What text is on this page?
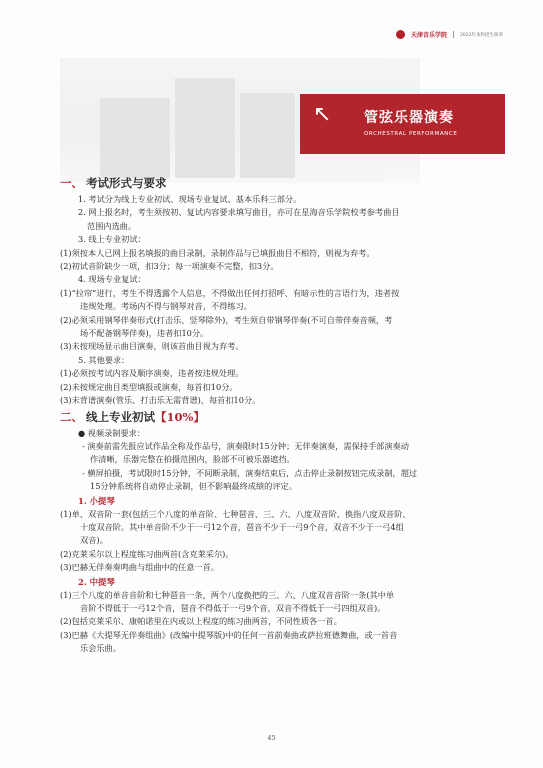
天津音乐学院	2023年本科招生简章
↖ 管弦乐器演奏
ORCHESTRAL PERFORMANCE

一、 考试形式与要求

1. 考试分为线上专业初试、现场专业复试、基本乐科三部分。

2. 网上报名时，考生须按初、复试内容要求填写曲目，亦可在星海音乐学院校考参考曲目

范围内选曲。

3. 线上专业初试：

(1)须按本人已网上报名填报的曲目录制，录制作品与已填报曲目不相符，则视为弃考。

(2)初试音阶缺少一项，扣3分；每一项演奏不完整，扣3分。

4. 现场专业复试：

(1)“拉帘”进行，考生不得透露个人信息，不得做出任何打招呼、有暗示性的言语行为，违者按

违规处理。考场内不得与钢琴对音，不得练习。

(2)必须采用钢琴伴奏形式(打击乐、竖琴除外)，考生须自带钢琴伴奏(不可自带伴奏音频，考

场不配备钢琴伴奏)，违者扣10分。

(3)未按现场显示曲目演奏，则该首曲目视为弃考。

5. 其他要求：

(1)必须按考试内容及顺序演奏，违者按违规处理。

(2)未按规定曲目类型填报或演奏，每首扣10分。

(3)未背谱演奏(管乐、打击乐无需背谱)，每首扣10分。

二、 线上专业初试【10%】

● 视频录制要求：

- 演奏前需先报应试作品全称及作品号，演奏限时15分钟；无伴奏演奏，需保持手部演奏动

作清晰，乐器完整在拍摄范围内，脸部不可被乐器遮挡。

- 横屏拍摄，考试限时15分钟，不间断录制，演奏结束后，点击停止录制按钮完成录制，超过

15分钟系统将自动停止录制，但不影响最终成绩的评定。

1. 小提琴

(1)单、双音阶一套(包括三个八度的单音阶、七种琶音、三、六、八度双音阶、换指八度双音阶、

十度双音阶。其中单音阶不少于一弓12个音，琶音不少于一弓9个音，双音不少于一弓4组

双音)。

(2)克莱采尔以上程度练习曲两首(含克莱采尔)。

(3)巴赫无伴奏奏鸣曲与组曲中的任意一首。

2. 中提琴

(1)三个八度的单音音阶和七种琶音一条，两个八度换把的三、六、八度双音音阶一条(其中单

音阶不得低于一弓12个音，琶音不得低于一弓9个音，双音不得低于一弓四组双音)。

(2)包括克莱采尔、康帕诺里在内或以上程度的练习曲两首，不同性质各一首。

(3)巴赫《大提琴无伴奏组曲》(改编中提琴版)中的任何一首前奏曲或萨拉班德舞曲，或一首音

乐会乐曲。

45
